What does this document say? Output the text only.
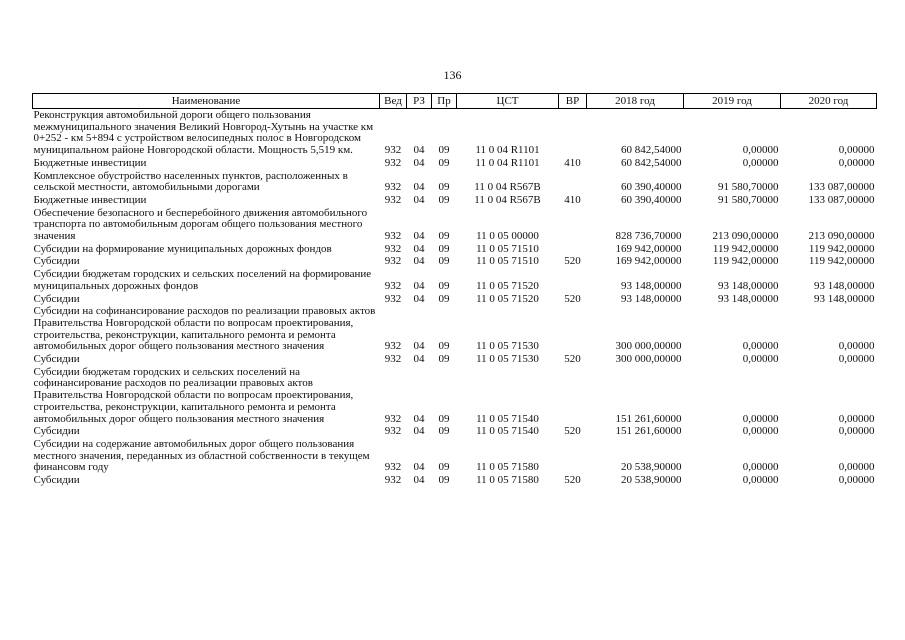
136
Наименование	Вед	РЗ	Пр	ЦСТ	ВР	2018 год	2019 год	2020 год
Реконструкция автомобильной дороги общего пользования межмуниципального значения Великий Новгород-Хутынь на участке км 0+252 - км 5+894 с устройством велосипедных полос в Новгородском муниципальном районе Новгородской области. Мощность 5,519 км.	932	04	09	11 0 04 R1101		60 842,54000	0,00000	0,00000
Бюджетные инвестиции	932	04	09	11 0 04 R1101	410	60 842,54000	0,00000	0,00000
Комплексное обустройство населенных пунктов, расположенных в сельской местности, автомобильными дорогами	932	04	09	11 0 04 R567B		60 390,40000	91 580,70000	133 087,00000
Бюджетные инвестиции	932	04	09	11 0 04 R567B	410	60 390,40000	91 580,70000	133 087,00000
Обеспечение безопасного и бесперебойного движения автомобильного транспорта по автомобильным дорогам общего пользования местного значения	932	04	09	11 0 05 00000		828 736,70000	213 090,00000	213 090,00000
Субсидии на формирование муниципальных дорожных фондов	932	04	09	11 0 05 71510		169 942,00000	119 942,00000	119 942,00000
Субсидии	932	04	09	11 0 05 71510	520	169 942,00000	119 942,00000	119 942,00000
Субсидии бюджетам городских и сельских поселений на формирование муниципальных дорожных фондов	932	04	09	11 0 05 71520		93 148,00000	93 148,00000	93 148,00000
Субсидии	932	04	09	11 0 05 71520	520	93 148,00000	93 148,00000	93 148,00000
Субсидии на софинансирование расходов по реализации правовых актов Правительства Новгородской области по вопросам проектирования, строительства, реконструкции, капитального ремонта и ремонта автомобильных дорог общего пользования местного значения	932	04	09	11 0 05 71530		300 000,00000	0,00000	0,00000
Субсидии	932	04	09	11 0 05 71530	520	300 000,00000	0,00000	0,00000
Субсидии бюджетам городских и сельских поселений на софинансирование расходов по реализации правовых актов Правительства Новгородской области по вопросам проектирования, строительства, реконструкции, капитального ремонта и ремонта автомобильных дорог общего пользования местного значения	932	04	09	11 0 05 71540		151 261,60000	0,00000	0,00000
Субсидии	932	04	09	11 0 05 71540	520	151 261,60000	0,00000	0,00000
Субсидии на содержание автомобильных дорог общего пользования местного значения, переданных из областной собственности в текущем финансовм году	932	04	09	11 0 05 71580		20 538,90000	0,00000	0,00000
Субсидии	932	04	09	11 0 05 71580	520	20 538,90000	0,00000	0,00000
